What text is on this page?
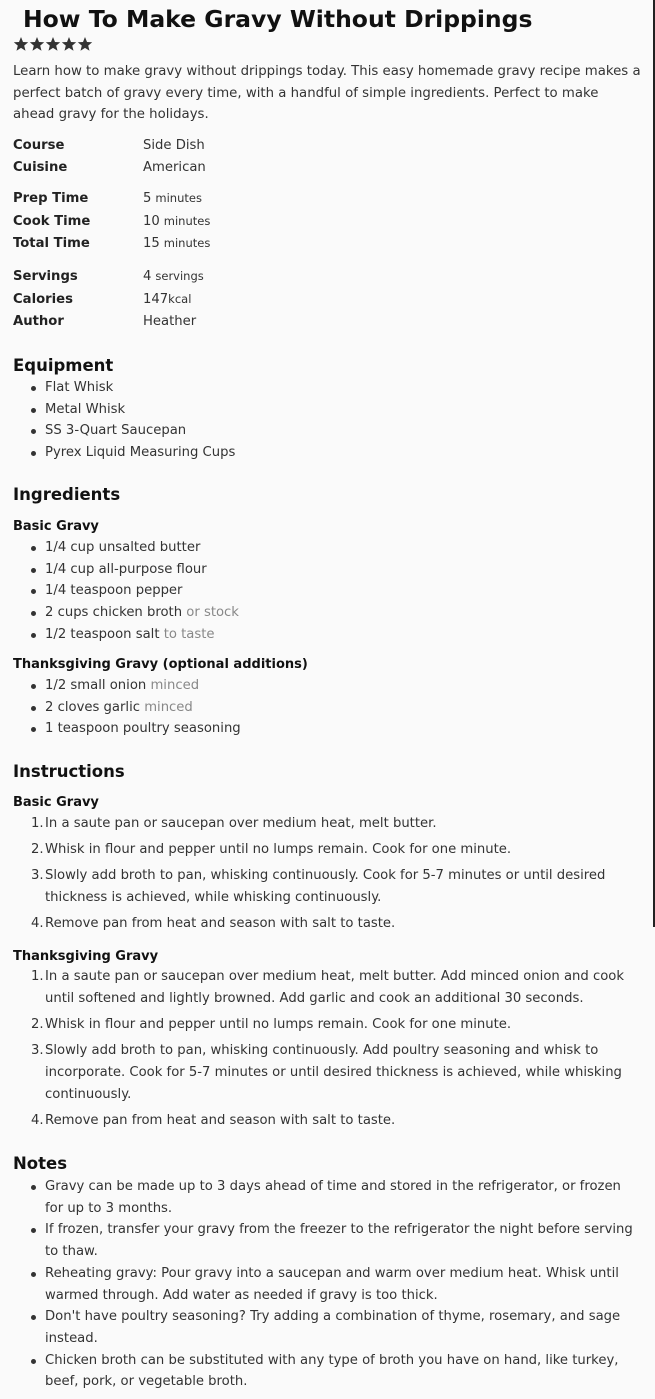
How To Make Gravy Without Drippings
Learn how to make gravy without drippings today. This easy homemade gravy recipe makes a perfect batch of gravy every time, with a handful of simple ingredients. Perfect to make ahead gravy for the holidays.
Course	Side Dish
Cuisine	American
Prep Time	5 minutes
Cook Time	10 minutes
Total Time	15 minutes
Servings	4 servings
Calories	147kcal
Author	Heather
Equipment
Flat Whisk
Metal Whisk
SS 3-Quart Saucepan
Pyrex Liquid Measuring Cups
Ingredients
Basic Gravy
1/4 cup unsalted butter
1/4 cup all-purpose flour
1/4 teaspoon pepper
2 cups chicken broth or stock
1/2 teaspoon salt to taste
Thanksgiving Gravy (optional additions)
1/2 small onion minced
2 cloves garlic minced
1 teaspoon poultry seasoning
Instructions
Basic Gravy
1. In a saute pan or saucepan over medium heat, melt butter.
2. Whisk in flour and pepper until no lumps remain. Cook for one minute.
3. Slowly add broth to pan, whisking continuously. Cook for 5-7 minutes or until desired thickness is achieved, while whisking continuously.
4. Remove pan from heat and season with salt to taste.
Thanksgiving Gravy
1. In a saute pan or saucepan over medium heat, melt butter. Add minced onion and cook until softened and lightly browned. Add garlic and cook an additional 30 seconds.
2. Whisk in flour and pepper until no lumps remain. Cook for one minute.
3. Slowly add broth to pan, whisking continuously. Add poultry seasoning and whisk to incorporate. Cook for 5-7 minutes or until desired thickness is achieved, while whisking continuously.
4. Remove pan from heat and season with salt to taste.
Notes
Gravy can be made up to 3 days ahead of time and stored in the refrigerator, or frozen for up to 3 months.
If frozen, transfer your gravy from the freezer to the refrigerator the night before serving to thaw.
Reheating gravy: Pour gravy into a saucepan and warm over medium heat. Whisk until warmed through. Add water as needed if gravy is too thick.
Don't have poultry seasoning? Try adding a combination of thyme, rosemary, and sage instead.
Chicken broth can be substituted with any type of broth you have on hand, like turkey, beef, pork, or vegetable broth.
